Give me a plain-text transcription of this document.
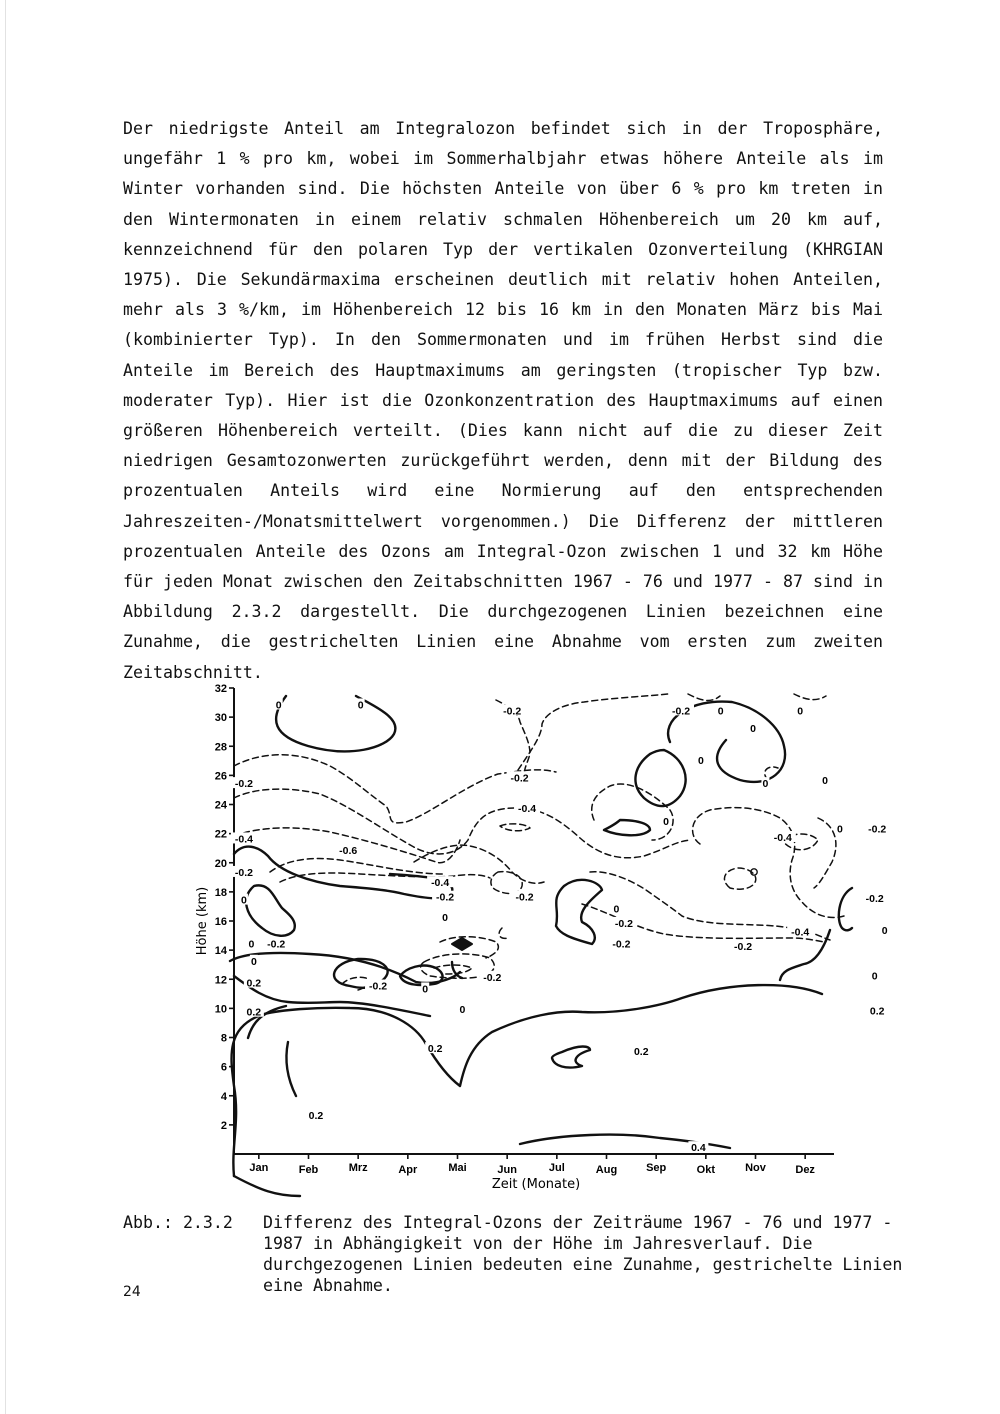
Der niedrigste Anteil am Integralozon befindet sich in der Troposphäre, ungefähr 1 % pro km, wobei im Sommerhalbjahr etwas höhere Anteile als im Winter vorhanden sind. Die höchsten Anteile von über 6 % pro km treten in den Wintermonaten in einem relativ schmalen Höhenbereich um 20 km auf, kennzeichnend für den polaren Typ der vertikalen Ozonverteilung (KHRGIAN 1975). Die Sekundärmaxima erscheinen deutlich mit relativ hohen Anteilen, mehr als 3 %/km, im Höhenbereich 12 bis 16 km in den Monaten März bis Mai (kombinierter Typ). In den Sommermonaten und im frühen Herbst sind die Anteile im Bereich des Hauptmaximums am geringsten (tropischer Typ bzw. moderater Typ). Hier ist die Ozonkonzentration des Hauptmaximums auf einen größeren Höhenbereich verteilt. (Dies kann nicht auf die zu dieser Zeit niedrigen Gesamtozonwerten zurückgeführt werden, denn mit der Bildung des prozentualen Anteils wird eine Normierung auf den entsprechenden Jahreszeiten-/Monatsmittelwert vorgenommen.) Die Differenz der mittleren prozentualen Anteile des Ozons am Integral-Ozon zwischen 1 und 32 km Höhe für jeden Monat zwischen den Zeitabschnitten 1967 - 76 und 1977 - 87 sind in Abbildung 2.3.2 dargestellt. Die durchgezogenen Linien bezeichnen eine Zunahme, die gestrichelten Linien eine Abnahme vom ersten zum zweiten Zeitabschnitt.

32
30
28
26
24
22
20
18
16
14
12
10
8
6
4
2
Jan	Feb	Mrz	Apr	Mai	Jun	Jul	Aug	Sep	Okt	Nov	Dez
Zeit (Monate)
Höhe (km)
0	0	-0.2	-0.2	0	0
0
-0.2	-0.2
0
0	0
-0.4
0
-0.4
-0.6
-0.4
0 -0.2
-0.2
-0.4
-0.2	-0.2	-0.2
0
0
0	-0.2
-0.4	0
0 -0.2	-0.2	-0.2
0
0.2	-0.2
-0.2
0
0
0.2	0	0.2
0.2	0.2
0.2
0.4
Abb.: 2.3.2	Differenz des Integral-Ozons der Zeiträume 1967 - 76 und 1977 - 1987 in Abhängigkeit von der Höhe im Jahresverlauf. Die durchgezogenen Linien bedeuten eine Zunahme, gestrichelte Linien eine Abnahme.
24
